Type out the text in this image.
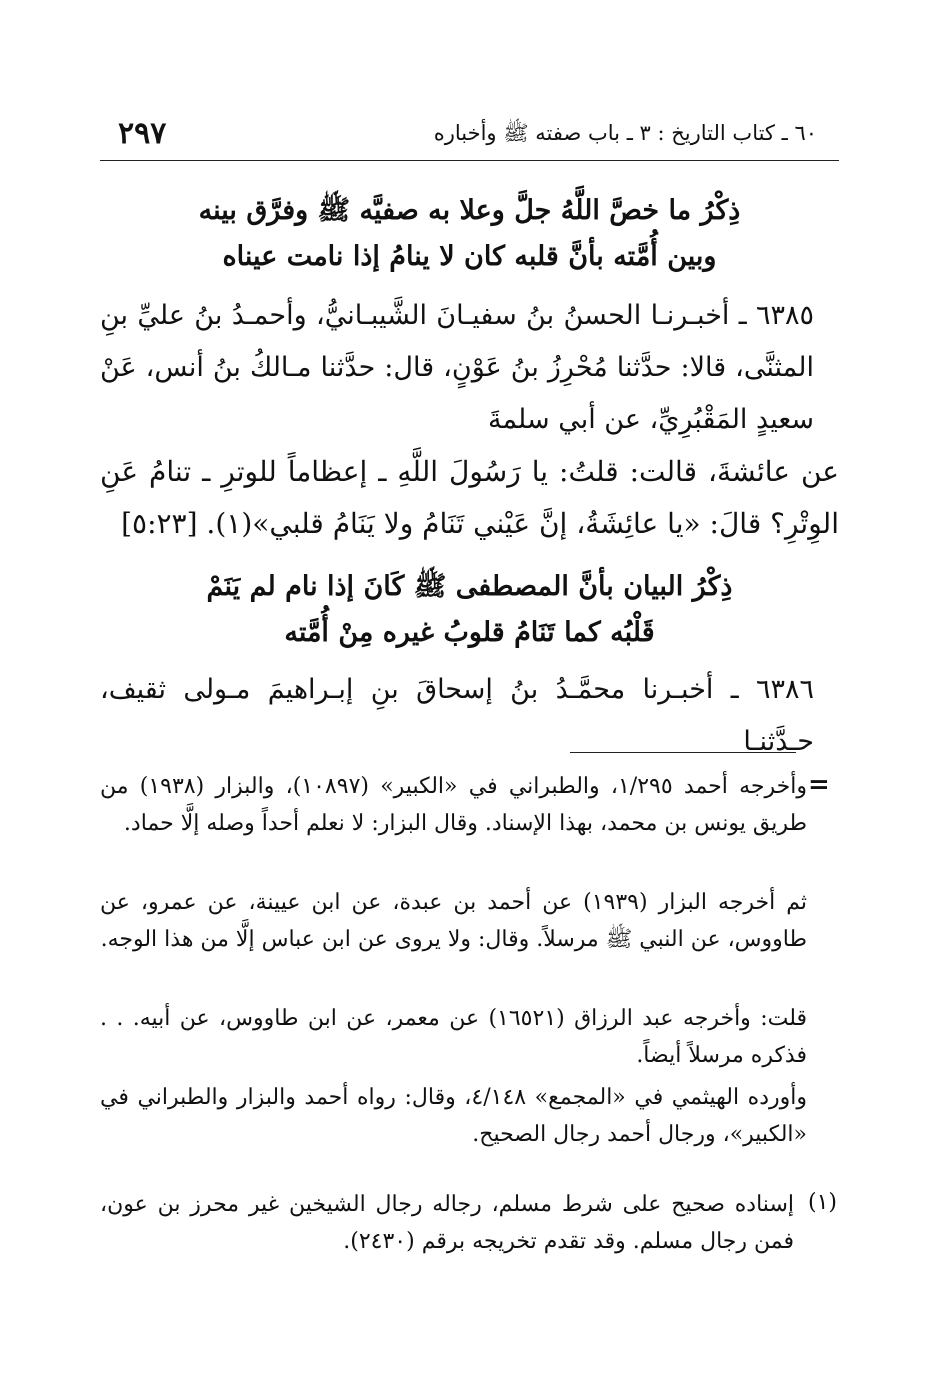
٢٩٧	٦٠ ـ كتاب التاريخ : ٣ ـ باب صفته ﷺ وأخباره
ذِكْرُ ما خصَّ اللَّهُ جلَّ وعلا به صفيَّه ﷺ وفرَّق بينه
وبين أُمَّته بأنَّ قلبه كان لا ينامُ إذا نامت عيناه

٦٣٨٥ ـ أخبـرنـا الحسنُ بنُ سفيـانَ الشَّيبـانيُّ، وأحمـدُ بنُ عليِّ بنِ المثنَّى، قالا: حدَّثنا مُحْرِزُ بنُ عَوْنٍ، قال: حدَّثنا مـالكُ بنُ أنس، عَنْ سعيدٍ المَقْبُرِيِّ، عن أبي سلمةَ

عن عائشةَ، قالت: قلتُ: يا رَسُولَ اللَّهِ ـ إعظاماً للوترِ ـ تنامُ عَنِ الوِتْرِ؟ قالَ: «يا عائِشَةُ، إنَّ عَيْني تَنَامُ ولا يَنَامُ قلبي»(١). [٥:٢٣]

ذِكْرُ البيان بأنَّ المصطفى ﷺ كَانَ إذا نام لم يَنَمْ
قَلْبُه كما تَنَامُ قلوبُ غيره مِنْ أُمَّته

٦٣٨٦ ـ أخبـرنا محمَّـدُ بنُ إسحاقَ بنِ إبـراهيمَ مـولى ثقيف، حـدَّثنـا

=

وأخرجه أحمد ١/٢٩٥، والطبراني في «الكبير» (١٠٨٩٧)، والبزار (١٩٣٨) من طريق يونس بن محمد، بهذا الإسناد. وقال البزار: لا نعلم أحداً وصله إلَّا حماد.

ثم أخرجه البزار (١٩٣٩) عن أحمد بن عبدة، عن ابن عيينة، عن عمرو، عن طاووس، عن النبي ﷺ مرسلاً. وقال: ولا يروى عن ابن عباس إلَّا من هذا الوجه.

قلت: وأخرجه عبد الرزاق (١٦٥٢١) عن معمر، عن ابن طاووس، عن أبيه. . . فذكره مرسلاً أيضاً.

وأورده الهيثمي في «المجمع» ٤/١٤٨، وقال: رواه أحمد والبزار والطبراني في «الكبير»، ورجال أحمد رجال الصحيح.

(١)

إسناده صحيح على شرط مسلم، رجاله رجال الشيخين غير محرز بن عون، فمن رجال مسلم. وقد تقدم تخريجه برقم (٢٤٣٠).
